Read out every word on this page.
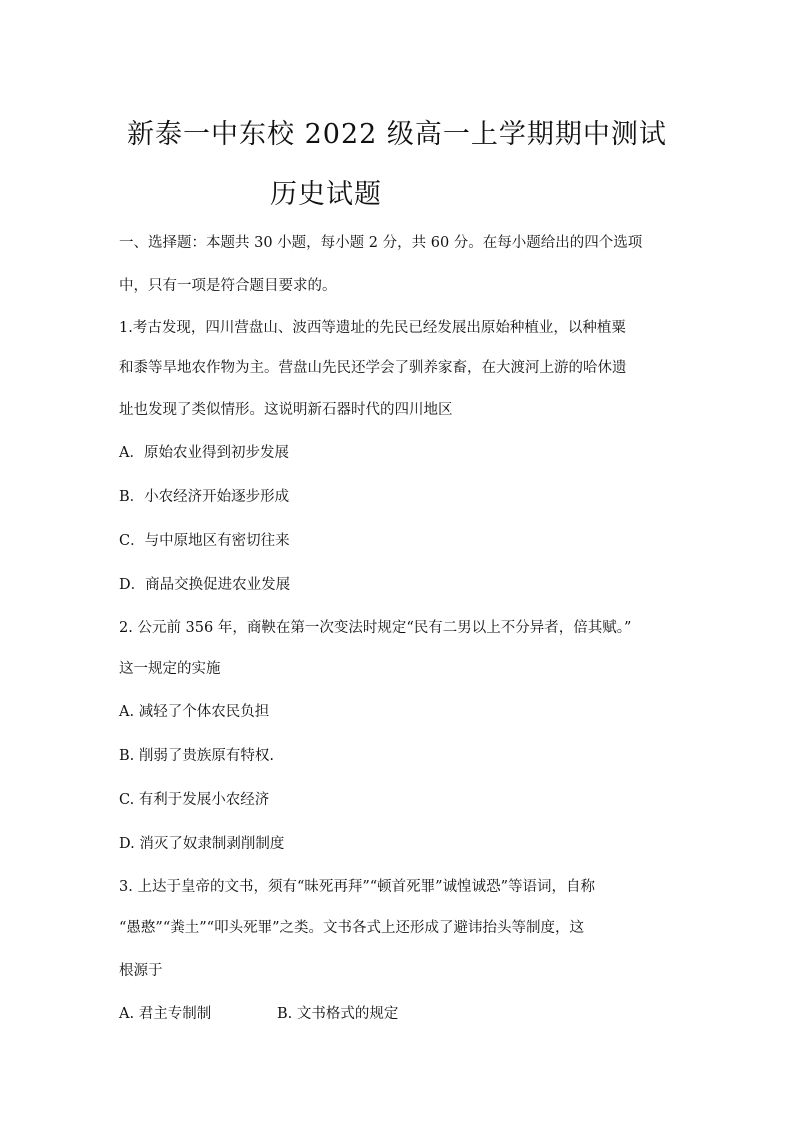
新泰一中东校 2022 级高一上学期期中测试
历史试题
一、选择题：本题共 30 小题，每小题 2 分，共 60 分。在每小题给出的四个选项
中，只有一项是符合题目要求的。
1.考古发现，四川营盘山、波西等遗址的先民已经发展出原始种植业，以种植粟
和黍等旱地农作物为主。营盘山先民还学会了驯养家畜，在大渡河上游的哈休遗
址也发现了类似情形。这说明新石器时代的四川地区
A．原始农业得到初步发展
B．小农经济开始逐步形成
C．与中原地区有密切往来
D．商品交换促进农业发展
2. 公元前 356 年，商鞅在第一次变法时规定“民有二男以上不分异者，倍其赋。”
这一规定的实施
A. 减轻了个体农民负担
B. 削弱了贵族原有特权.
C. 有利于发展小农经济
D. 消灭了奴隶制剥削制度
3. 上达于皇帝的文书，须有“昧死再拜”“顿首死罪”诚惶诚恐”等语词，自称
“愚憨”“粪土”“叩头死罪”之类。文书各式上还形成了避讳抬头等制度，这
根源于
A. 君主专制制	B. 文书格式的规定
